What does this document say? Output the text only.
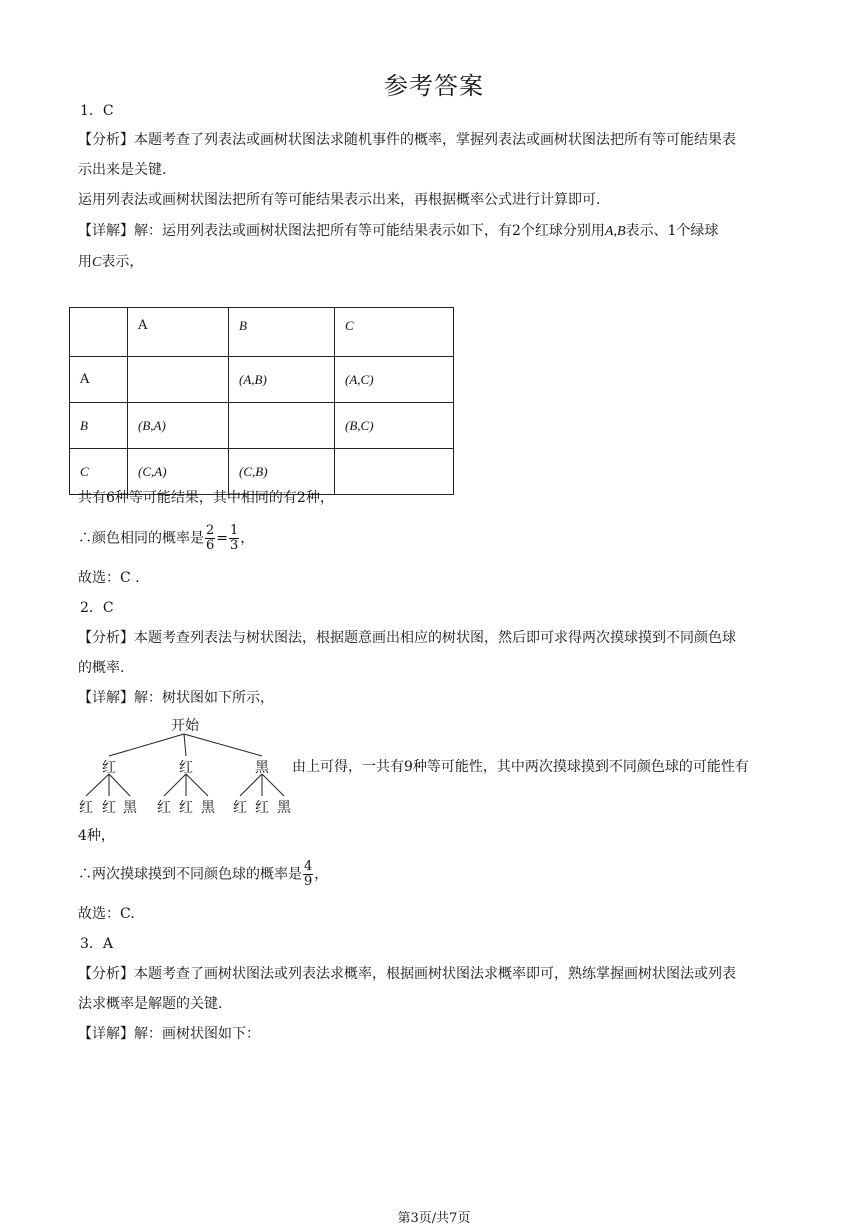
参考答案
1．C
【分析】本题考查了列表法或画树状图法求随机事件的概率，掌握列表法或画树状图法把所有等可能结果表
示出来是关键.
运用列表法或画树状图法把所有等可能结果表示出来，再根据概率公式进行计算即可.
【详解】解：运用列表法或画树状图法把所有等可能结果表示如下，有2个红球分别用A,B表示、1个绿球
用C表示，
	A	B	C
A		(A,B)	(A,C)
B	(B,A)		(B,C)
C	(C,A)	(C,B)	
共有6种等可能结果，其中相同的有2种，
∴颜色相同的概率是 $\frac{2}{6} = \frac{1}{3}$ ，
故选：C .
2．C
【分析】本题考查列表法与树状图法，根据题意画出相应的树状图，然后即可求得两次摸球摸到不同颜色球
的概率.
【详解】解：树状图如下所示，
开始
红	红	黑
红 红 黑 红 红 黑 红 红 黑
由上可得，一共有9种等可能性，其中两次摸球摸到不同颜色球的可能性有
4种，
∴两次摸球摸到不同颜色球的概率是 $\frac{4}{9}$ ，
故选：C.
3．A
【分析】本题考查了画树状图法或列表法求概率，根据画树状图法求概率即可，熟练掌握画树状图法或列表
法求概率是解题的关键.
【详解】解：画树状图如下：
第3页/共7页
